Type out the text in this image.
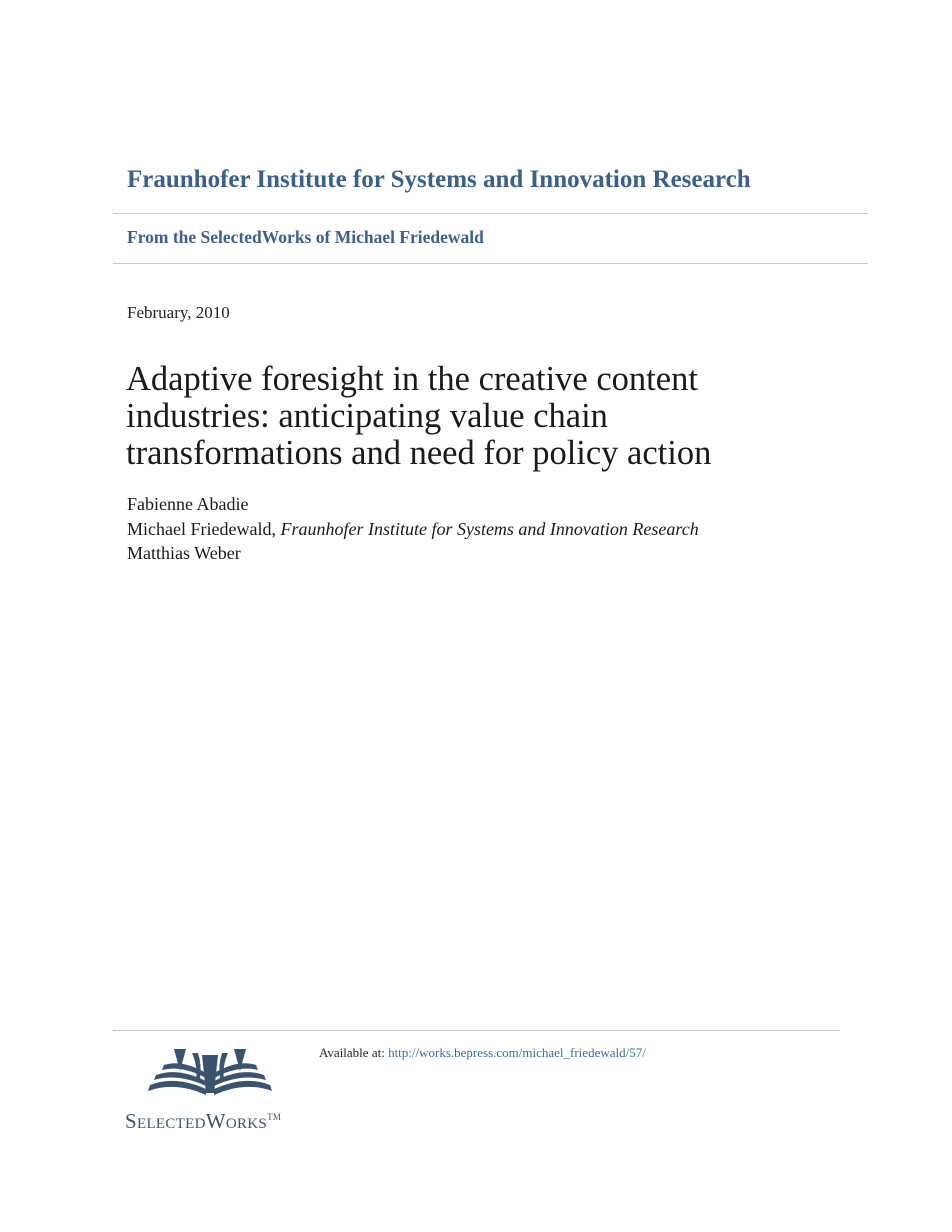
Fraunhofer Institute for Systems and Innovation Research
From the SelectedWorks of Michael Friedewald
February, 2010
Adaptive foresight in the creative content industries: anticipating value chain transformations and need for policy action
Fabienne Abadie
Michael Friedewald, Fraunhofer Institute for Systems and Innovation Research
Matthias Weber
Available at: http://works.bepress.com/michael_friedewald/57/
SelectedWorks™
